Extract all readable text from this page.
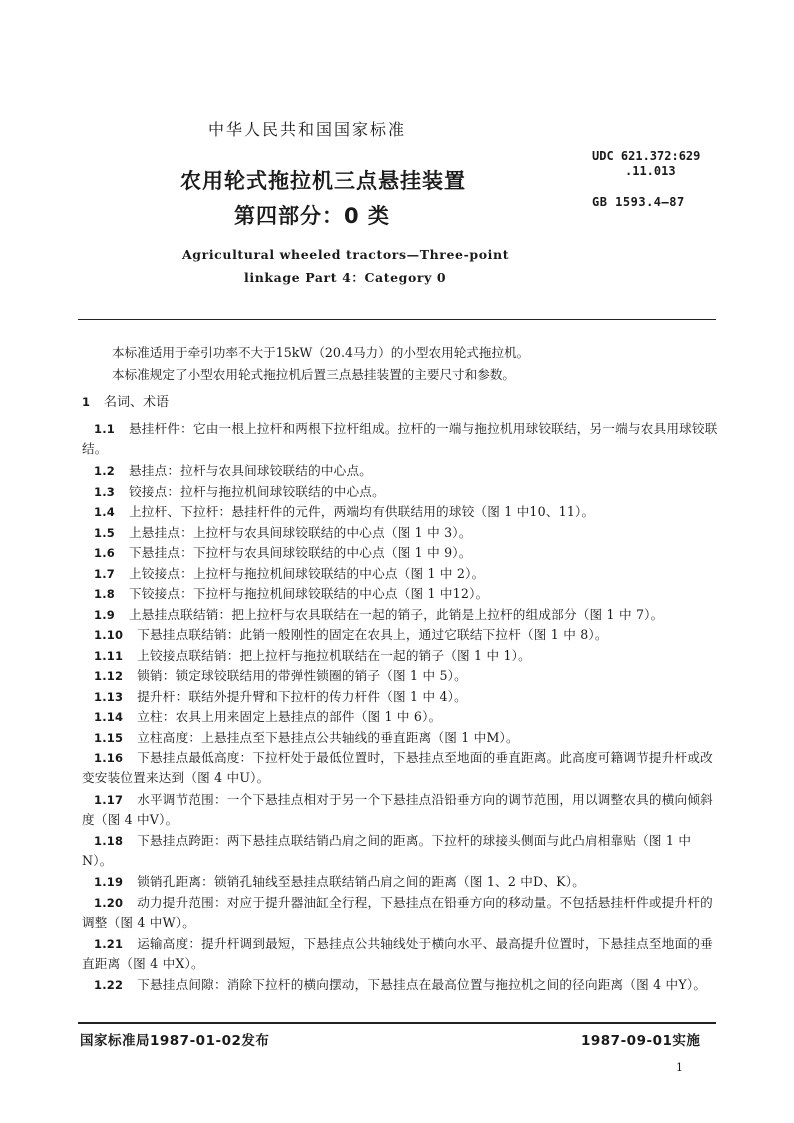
中华人民共和国国家标准
农用轮式拖拉机三点悬挂装置
第四部分：0 类
Agricultural wheeled tractors—Three-point
linkage Part 4：Category 0
UDC 621.372:629
.11.013
GB 1593.4—87
本标准适用于牵引功率不大于15kW（20.4马力）的小型农用轮式拖拉机。
本标准规定了小型农用轮式拖拉机后置三点悬挂装置的主要尺寸和参数。
1 名词、术语
1.1 悬挂杆件：它由一根上拉杆和两根下拉杆组成。拉杆的一端与拖拉机用球铰联结，另一端与农具用球铰联结。
1.2 悬挂点：拉杆与农具间球铰联结的中心点。
1.3 铰接点：拉杆与拖拉机间球铰联结的中心点。
1.4 上拉杆、下拉杆：悬挂杆件的元件，两端均有供联结用的球铰（图 1 中10、11）。
1.5 上悬挂点：上拉杆与农具间球铰联结的中心点（图 1 中 3）。
1.6 下悬挂点：下拉杆与农具间球铰联结的中心点（图 1 中 9）。
1.7 上铰接点：上拉杆与拖拉机间球铰联结的中心点（图 1 中 2）。
1.8 下铰接点：下拉杆与拖拉机间球铰联结的中心点（图 1 中12）。
1.9 上悬挂点联结销：把上拉杆与农具联结在一起的销子，此销是上拉杆的组成部分（图 1 中 7）。
1.10 下悬挂点联结销：此销一般刚性的固定在农具上，通过它联结下拉杆（图 1 中 8）。
1.11 上铰接点联结销：把上拉杆与拖拉机联结在一起的销子（图 1 中 1）。
1.12 锁销：锁定球铰联结用的带弹性锁圈的销子（图 1 中 5）。
1.13 提升杆：联结外提升臂和下拉杆的传力杆件（图 1 中 4）。
1.14 立柱：农具上用来固定上悬挂点的部件（图 1 中 6）。
1.15 立柱高度：上悬挂点至下悬挂点公共轴线的垂直距离（图 1 中M）。
1.16 下悬挂点最低高度：下拉杆处于最低位置时，下悬挂点至地面的垂直距离。此高度可籍调节提升杆或改变安装位置来达到（图 4 中U）。
1.17 水平调节范围：一个下悬挂点相对于另一个下悬挂点沿铅垂方向的调节范围，用以调整农具的横向倾斜度（图 4 中V）。
1.18 下悬挂点跨距：两下悬挂点联结销凸肩之间的距离。下拉杆的球接头侧面与此凸肩相靠贴（图 1 中N）。
1.19 锁销孔距离：锁销孔轴线至悬挂点联结销凸肩之间的距离（图 1、2 中D、K）。
1.20 动力提升范围：对应于提升器油缸全行程，下悬挂点在铅垂方向的移动量。不包括悬挂杆件或提升杆的调整（图 4 中W）。
1.21 运输高度：提升杆调到最短，下悬挂点公共轴线处于横向水平、最高提升位置时，下悬挂点至地面的垂直距离（图 4 中X）。
1.22 下悬挂点间隙：消除下拉杆的横向摆动，下悬挂点在最高位置与拖拉机之间的径向距离（图 4 中Y）。
国家标准局1987-01-02发布	1987-09-01实施
1
